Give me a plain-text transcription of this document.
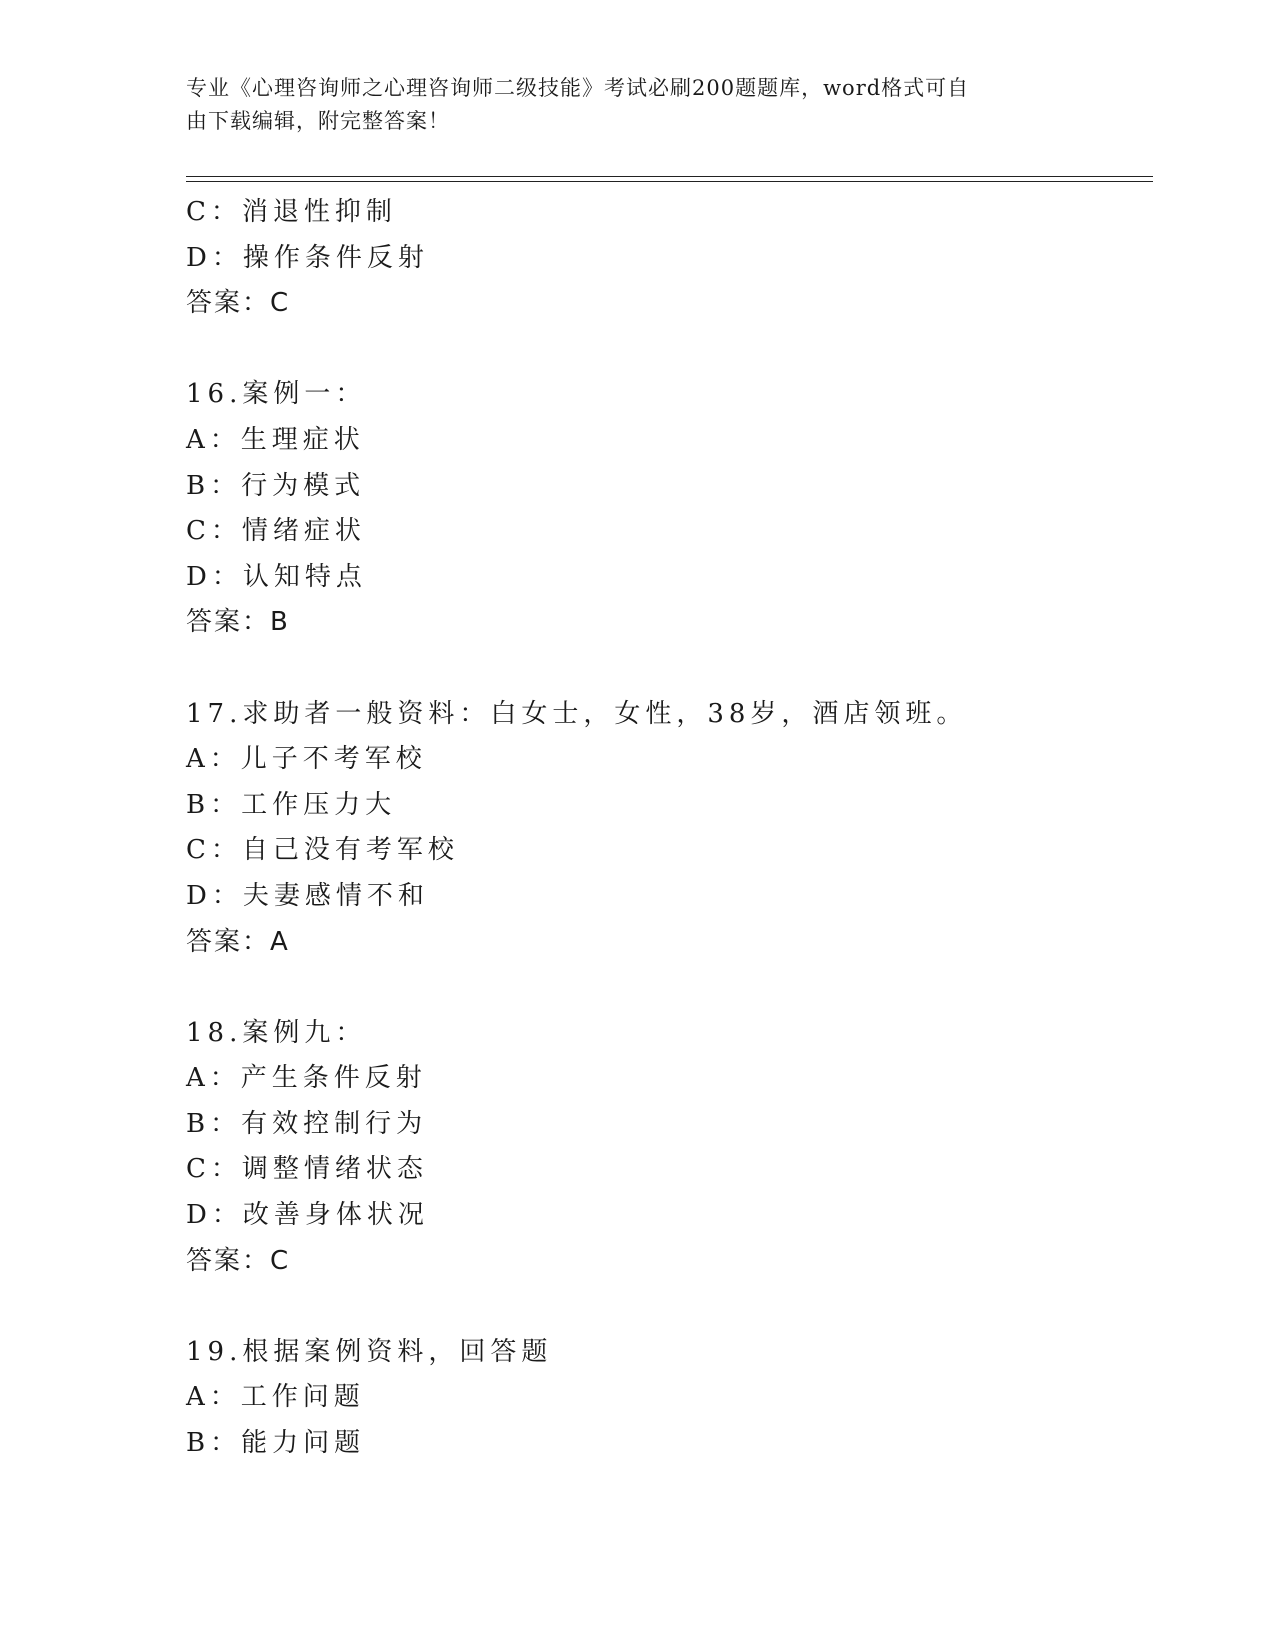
专业《心理咨询师之心理咨询师二级技能》考试必刷200题题库，word格式可自
由下载编辑，附完整答案！
C：消退性抑制
D：操作条件反射
答案：C
16.案例一：
A：生理症状
B：行为模式
C：情绪症状
D：认知特点
答案：B
17.求助者一般资料：白女士，女性，38岁，酒店领班。
A：儿子不考军校
B：工作压力大
C：自己没有考军校
D：夫妻感情不和
答案：A
18.案例九：
A：产生条件反射
B：有效控制行为
C：调整情绪状态
D：改善身体状况
答案：C
19.根据案例资料，回答题
A：工作问题
B：能力问题
